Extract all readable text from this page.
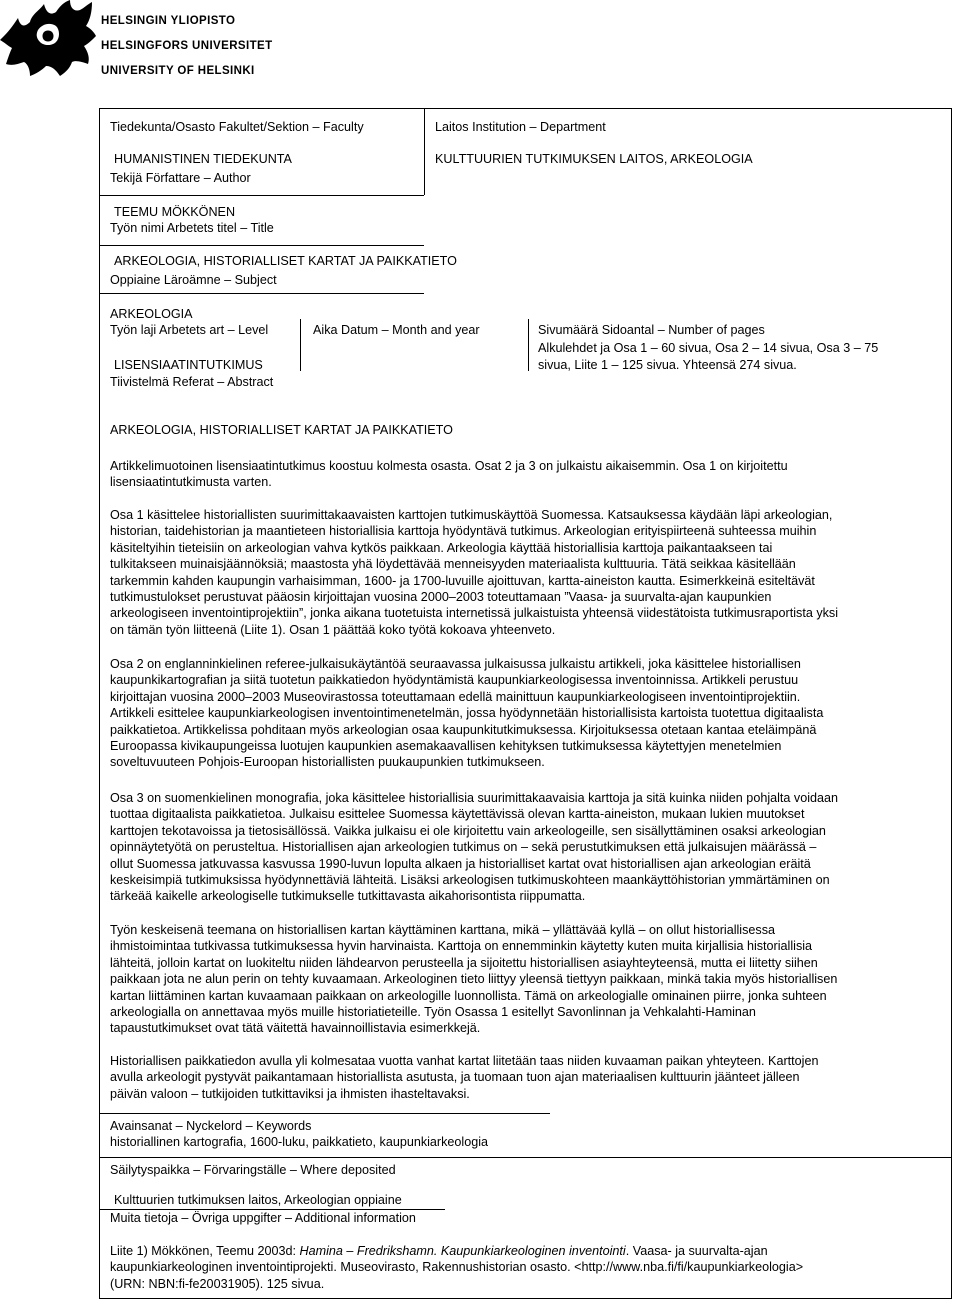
HELSINGIN YLIOPISTO
HELSINGFORS UNIVERSITET
UNIVERSITY OF HELSINKI
Tiedekunta/Osasto Fakultet/Sektion – Faculty
HUMANISTINEN TIEDEKUNTA
Laitos Institution – Department
KULTTUURIEN TUTKIMUKSEN LAITOS, ARKEOLOGIA
Tekijä Författare – Author
TEEMU MÖKKÖNEN
Työn nimi Arbetets titel – Title
ARKEOLOGIA, HISTORIALLISET KARTAT JA PAIKKATIETO
Oppiaine Läroämne – Subject
ARKEOLOGIA
Työn laji Arbetets art – Level
LISENSIAATINTUTKIMUS
Aika Datum – Month and year	Sivumäärä Sidoantal – Number of pages
Alkulehdet ja Osa 1 – 60 sivua, Osa 2 – 14 sivua, Osa 3 – 75
sivua, Liite 1 – 125 sivua. Yhteensä 274 sivua.
Tiivistelmä Referat – Abstract
ARKEOLOGIA, HISTORIALLISET KARTAT JA PAIKKATIETO
Artikkelimuotoinen lisensiaatintutkimus koostuu kolmesta osasta. Osat 2 ja 3 on julkaistu aikaisemmin. Osa 1 on kirjoitettu
lisensiaatintutkimusta varten.
Osa 1 käsittelee historiallisten suurimittakaavaisten karttojen tutkimuskäyttöä Suomessa. Katsauksessa käydään läpi arkeologian,
historian, taidehistorian ja maantieteen historiallisia karttoja hyödyntävä tutkimus. Arkeologian erityispiirteenä suhteessa muihin
käsiteltyihin tieteisiin on arkeologian vahva kytkös paikkaan. Arkeologia käyttää historiallisia karttoja paikantaakseen tai
tulkitakseen muinaisjäännöksiä; maastosta yhä löydettävää menneisyyden materiaalista kulttuuria. Tätä seikkaa käsitellään
tarkemmin kahden kaupungin varhaisimman, 1600- ja 1700-luvuille ajoittuvan, kartta-aineiston kautta. Esimerkkeinä esiteltävät
tutkimustulokset perustuvat pääosin kirjoittajan vuosina 2000–2003 toteuttamaan ”Vaasa- ja suurvalta-ajan kaupunkien
arkeologiseen inventointiprojektiin”, jonka aikana tuotetuista internetissä julkaistuista yhteensä viidestätoista tutkimusraportista yksi
on tämän työn liitteenä (Liite 1). Osan 1 päättää koko työtä kokoava yhteenveto.
Osa 2 on englanninkielinen referee-julkaisukäytäntöä seuraavassa julkaisussa julkaistu artikkeli, joka käsittelee historiallisen
kaupunkikartografian ja siitä tuotetun paikkatiedon hyödyntämistä kaupunkiarkeologisessa inventoinnissa. Artikkeli perustuu
kirjoittajan vuosina 2000–2003 Museovirastossa toteuttamaan edellä mainittuun kaupunkiarkeologiseen inventointiprojektiin.
Artikkeli esittelee kaupunkiarkeologisen inventointimenetelmän, jossa hyödynnetään historiallisista kartoista tuotettua digitaalista
paikkatietoa. Artikkelissa pohditaan myös arkeologian osaa kaupunkitutkimuksessa. Kirjoituksessa otetaan kantaa eteläimpänä
Euroopassa kivikaupungeissa luotujen kaupunkien asemakaavallisen kehityksen tutkimuksessa käytettyjen menetelmien
soveltuvuuteen Pohjois-Euroopan historiallisten puukaupunkien tutkimukseen.
Osa 3 on suomenkielinen monografia, joka käsittelee historiallisia suurimittakaavaisia karttoja ja sitä kuinka niiden pohjalta voidaan
tuottaa digitaalista paikkatietoa. Julkaisu esittelee Suomessa käytettävissä olevan kartta-aineiston, mukaan lukien muutokset
karttojen tekotavoissa ja tietosisällössä. Vaikka julkaisu ei ole kirjoitettu vain arkeologeille, sen sisällyttäminen osaksi arkeologian
opinnäytetyötä on perusteltua. Historiallisen ajan arkeologien tutkimus on – sekä perustutkimuksen että julkaisujen määrässä –
ollut Suomessa jatkuvassa kasvussa 1990-luvun lopulta alkaen ja historialliset kartat ovat historiallisen ajan arkeologian eräitä
keskeisimpiä tutkimuksissa hyödynnettäviä lähteitä. Lisäksi arkeologisen tutkimuskohteen maankäyttöhistorian ymmärtäminen on
tärkeää kaikelle arkeologiselle tutkimukselle tutkittavasta aikahorisontista riippumatta.
Työn keskeisenä teemana on historiallisen kartan käyttäminen karttana, mikä – yllättävää kyllä – on ollut historiallisessa
ihmistoimintaa tutkivassa tutkimuksessa hyvin harvinaista. Karttoja on ennemminkin käytetty kuten muita kirjallisia historiallisia
lähteitä, jolloin kartat on luokiteltu niiden lähdearvon perusteella ja sijoitettu historiallisen asiayhteyteensä, mutta ei liitetty siihen
paikkaan jota ne alun perin on tehty kuvaamaan. Arkeologinen tieto liittyy yleensä tiettyyn paikkaan, minkä takia myös historiallisen
kartan liittäminen kartan kuvaamaan paikkaan on arkeologille luonnollista. Tämä on arkeologialle ominainen piirre, jonka suhteen
arkeologialla on annettavaa myös muille historiatieteille. Työn Osassa 1 esitellyt Savonlinnan ja Vehkalahti-Haminan
tapaustutkimukset ovat tätä väitettä havainnoillistavia esimerkkejä.
Historiallisen paikkatiedon avulla yli kolmesataa vuotta vanhat kartat liitetään taas niiden kuvaaman paikan yhteyteen. Karttojen
avulla arkeologit pystyvät paikantamaan historiallista asutusta, ja tuomaan tuon ajan materiaalisen kulttuurin jäänteet jälleen
päivän valoon – tutkijoiden tutkittaviksi ja ihmisten ihasteltavaksi.
Avainsanat – Nyckelord – Keywords
historiallinen kartografia, 1600-luku, paikkatieto, kaupunkiarkeologia
Säilytyspaikka – Förvaringställe – Where deposited
Kulttuurien tutkimuksen laitos, Arkeologian oppiaine
Muita tietoja – Övriga uppgifter – Additional information
Liite 1) Mökkönen, Teemu 2003d: Hamina – Fredrikshamn. Kaupunkiarkeologinen inventointi. Vaasa- ja suurvalta-ajan
kaupunkiarkeologinen inventointiprojekti. Museovirasto, Rakennushistorian osasto. <http://www.nba.fi/fi/kaupunkiarkeologia>
(URN: NBN:fi-fe20031905). 125 sivua.
